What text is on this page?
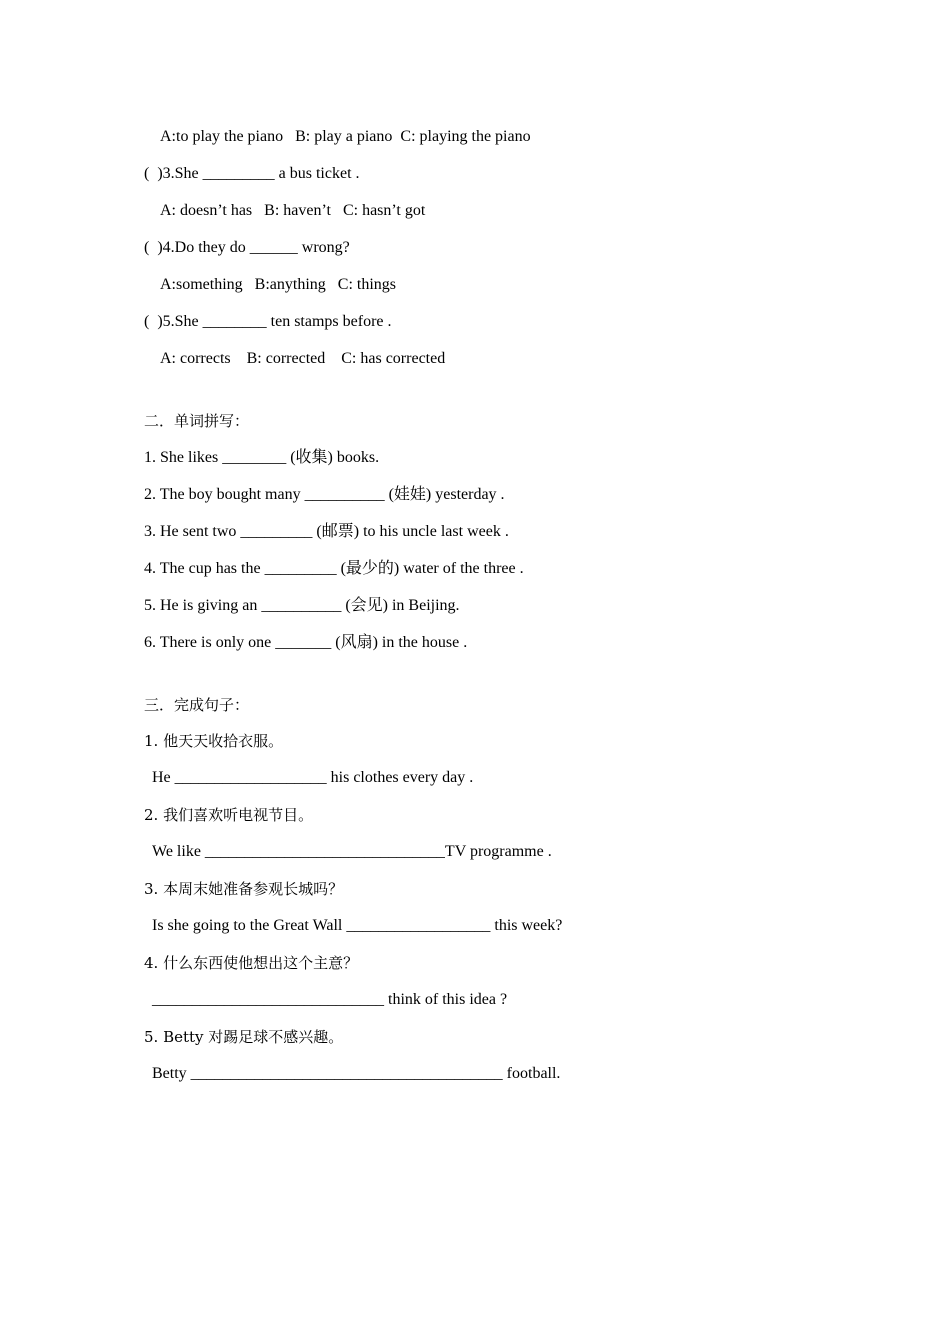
A:to play the piano   B: play a piano  C: playing the piano
(  )3.She _________ a bus ticket .
A: doesn’t has   B: haven’t   C: hasn’t got
(  )4.Do they do ______ wrong?
A:something   B:anything   C: things
(  )5.She ________ ten stamps before .
A: corrects    B: corrected    C: has corrected
二．单词拼写：
1. She likes ________ (收集) books.
2. The boy bought many __________ (娃娃) yesterday .
3. He sent two _________ (邮票) to his uncle last week .
4. The cup has the _________ (最少的) water of the three .
5. He is giving an __________ (会见) in Beijing.
6. There is only one _______ (风扇) in the house .
三．完成句子：
1. 他天天收拾衣服。
He ___________________ his clothes every day .
2. 我们喜欢听电视节目。
We like ______________________________TV programme .
3. 本周末她准备参观长城吗？
Is she going to the Great Wall __________________ this week?
4. 什么东西使他想出这个主意？
_____________________________ think of this idea ?
5. Betty 对踢足球不感兴趣。
Betty _______________________________________ football.
